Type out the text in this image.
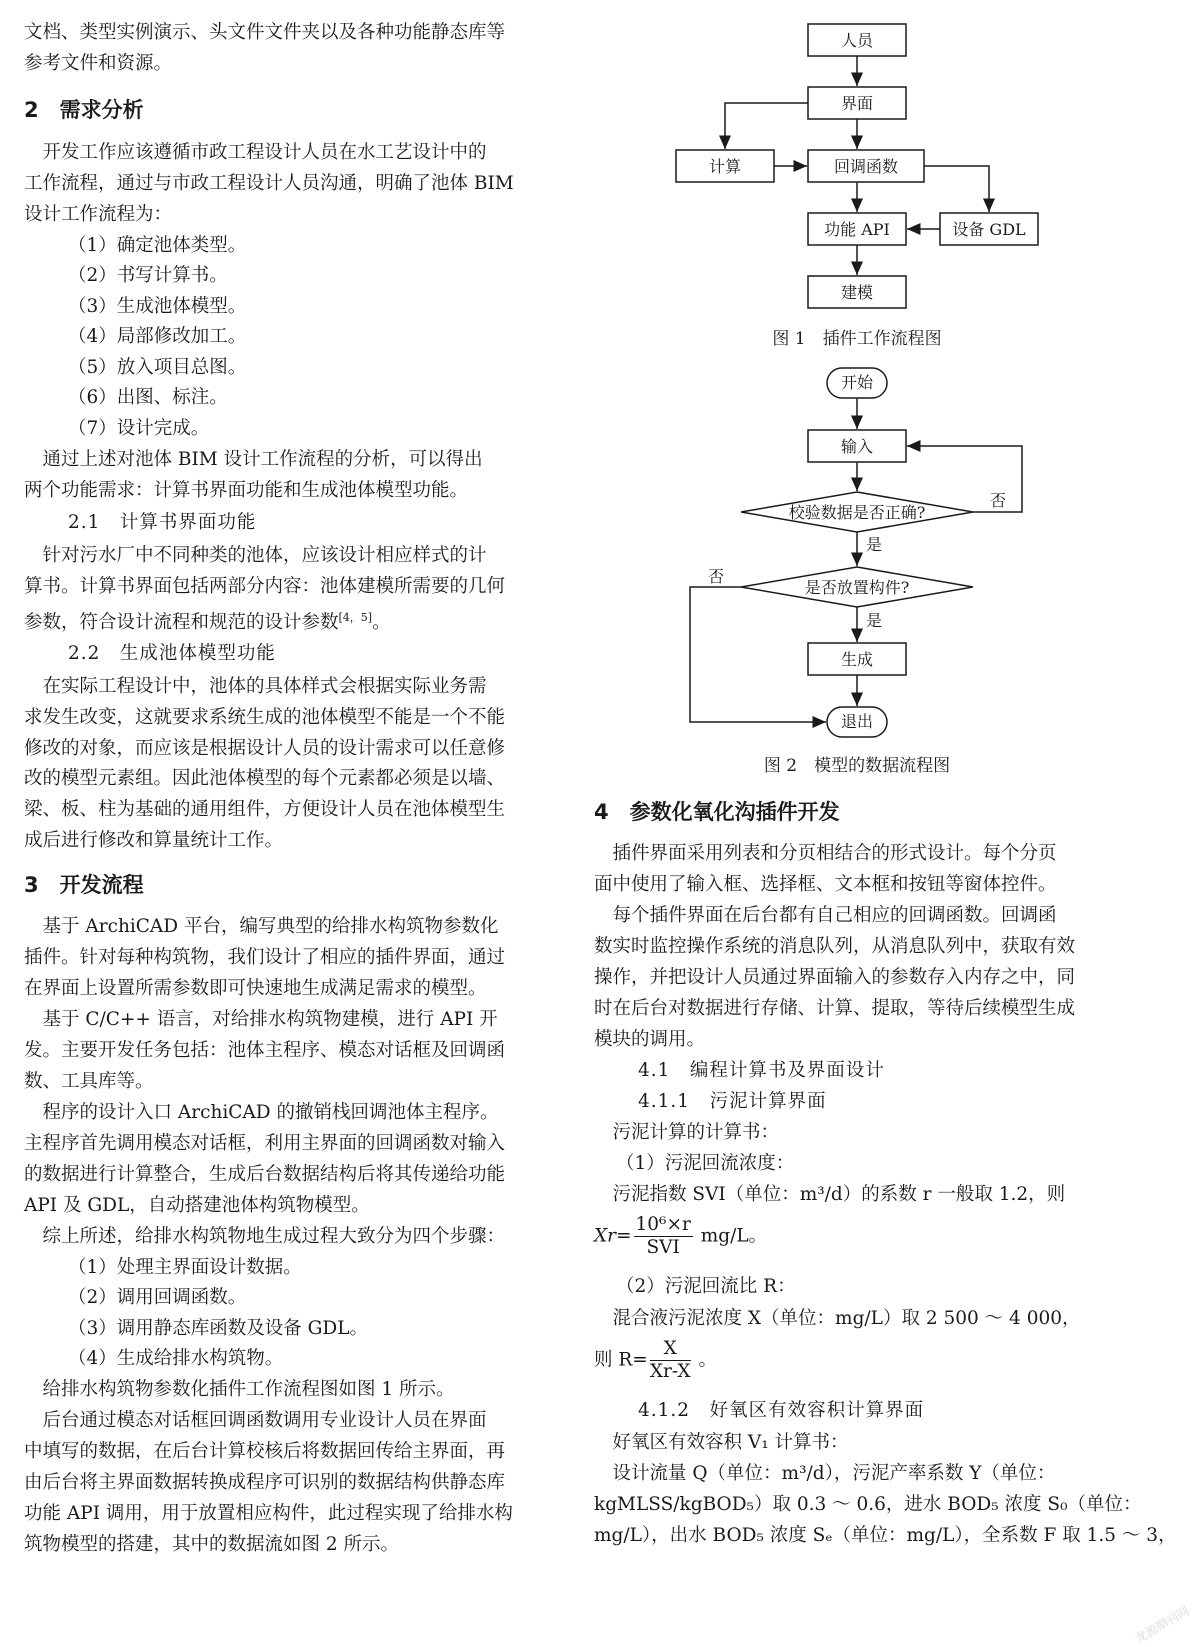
文档、类型实例演示、头文件文件夹以及各种功能静态库等
参考文件和资源。
2　需求分析
　开发工作应该遵循市政工程设计人员在水工艺设计中的
工作流程，通过与市政工程设计人员沟通，明确了池体 BIM
设计工作流程为：
（1）确定池体类型。
（2）书写计算书。
（3）生成池体模型。
（4）局部修改加工。
（5）放入项目总图。
（6）出图、标注。
（7）设计完成。
　通过上述对池体 BIM 设计工作流程的分析，可以得出
两个功能需求：计算书界面功能和生成池体模型功能。
2.1　计算书界面功能
　针对污水厂中不同种类的池体，应该设计相应样式的计
算书。计算书界面包括两部分内容：池体建模所需要的几何
参数，符合设计流程和规范的设计参数[4，5]。
2.2　生成池体模型功能
　在实际工程设计中，池体的具体样式会根据实际业务需
求发生改变，这就要求系统生成的池体模型不能是一个不能
修改的对象，而应该是根据设计人员的设计需求可以任意修
改的模型元素组。因此池体模型的每个元素都必须是以墙、
梁、板、柱为基础的通用组件，方便设计人员在池体模型生
成后进行修改和算量统计工作。
3　开发流程
　基于 ArchiCAD 平台，编写典型的给排水构筑物参数化
插件。针对每种构筑物，我们设计了相应的插件界面，通过
在界面上设置所需参数即可快速地生成满足需求的模型。
　基于 C/C++ 语言，对给排水构筑物建模，进行 API 开
发。主要开发任务包括：池体主程序、模态对话框及回调函
数、工具库等。
　程序的设计入口 ArchiCAD 的撤销栈回调池体主程序。
主程序首先调用模态对话框，利用主界面的回调函数对输入
的数据进行计算整合，生成后台数据结构后将其传递给功能
API 及 GDL，自动搭建池体构筑物模型。
　综上所述，给排水构筑物地生成过程大致分为四个步骤：
（1）处理主界面设计数据。
（2）调用回调函数。
（3）调用静态库函数及设备 GDL。
（4）生成给排水构筑物。
　给排水构筑物参数化插件工作流程图如图 1 所示。
　后台通过模态对话框回调函数调用专业设计人员在界面
中填写的数据，在后台计算校核后将数据回传给主界面，再
由后台将主界面数据转换成程序可识别的数据结构供静态库
功能 API 调用，用于放置相应构件，此过程实现了给排水构
筑物模型的搭建，其中的数据流如图 2 所示。
人员
界面
计算	回调函数
功能 API	设备 GDL
建模
图 1　插件工作流程图
开始
输入
校验数据是否正确?
是否放置构件?
生成
退出
否
是
否
是
图 2　模型的数据流程图
4　参数化氧化沟插件开发
　插件界面采用列表和分页相结合的形式设计。每个分页
面中使用了输入框、选择框、文本框和按钮等窗体控件。
　每个插件界面在后台都有自己相应的回调函数。回调函
数实时监控操作系统的消息队列，从消息队列中，获取有效
操作，并把设计人员通过界面输入的参数存入内存之中，同
时在后台对数据进行存储、计算、提取，等待后续模型生成
模块的调用。
4.1　编程计算书及界面设计
4.1.1　污泥计算界面
　污泥计算的计算书：
（1）污泥回流浓度：
　污泥指数 SVI（单位：m³/d）的系数 r 一般取 1.2，则
$Xr= \frac{\text{10⁶×r}}{\text{SVI}} mg/L$。
（2）污泥回流比 R：
　混合液污泥浓度 X（单位：mg/L）取 2 500 ～ 4 000，
则 $R= \frac{X}{Xr-X}$ 。
4.1.2　好氧区有效容积计算界面
　好氧区有效容积 V₁ 计算书：
　设计流量 Q（单位：m³/d），污泥产率系数 Y（单位：
kgMLSS/kgBOD₅）取 0.3 ～ 0.6，进水 BOD₅ 浓度 S₀（单位：
mg/L），出水 BOD₅ 浓度 Sₑ（单位：mg/L），全系数 F 取 1.5 ～ 3，
龙源期刊网
